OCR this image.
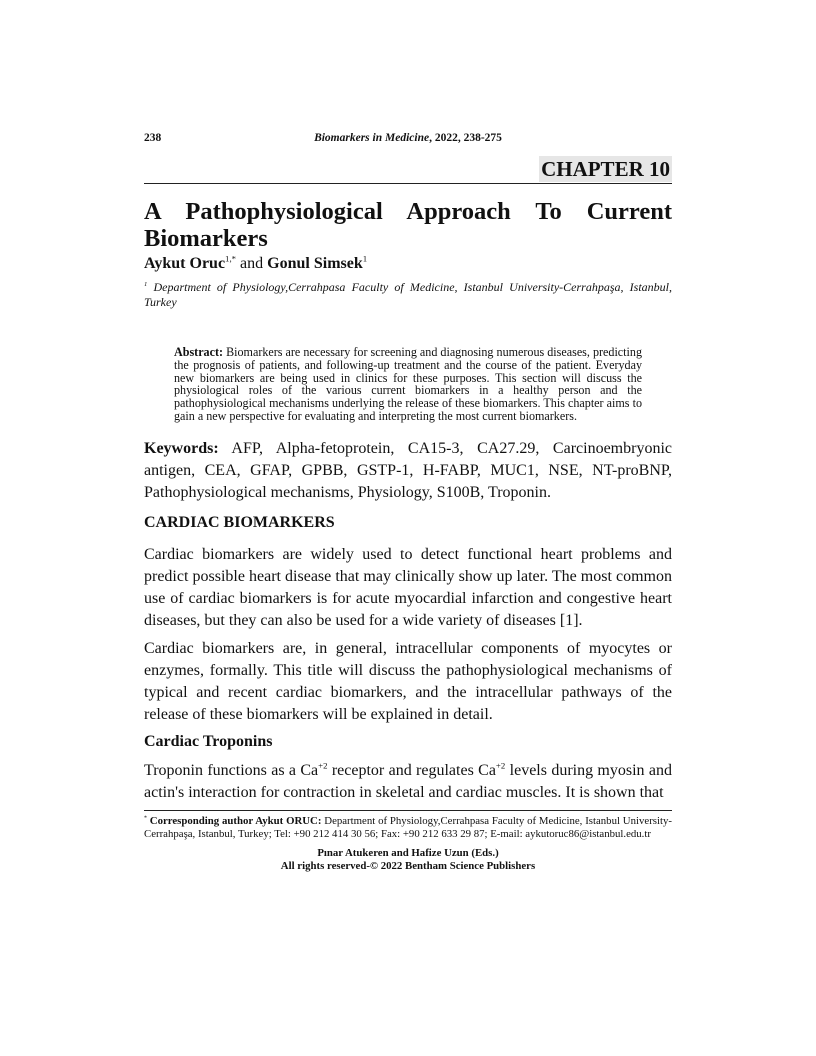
238	Biomarkers in Medicine, 2022, 238-275
CHAPTER 10
A Pathophysiological Approach To Current Biomarkers
Aykut Oruc$^{1,*}$ and Gonul Simsek$^1$
$^1$ Department of Physiology,Cerrahpasa Faculty of Medicine, Istanbul University-Cerrahpaşa, Istanbul, Turkey
Abstract: Biomarkers are necessary for screening and diagnosing numerous diseases, predicting the prognosis of patients, and following-up treatment and the course of the patient. Everyday new biomarkers are being used in clinics for these purposes. This section will discuss the physiological roles of the various current biomarkers in a healthy person and the pathophysiological mechanisms underlying the release of these biomarkers. This chapter aims to gain a new perspective for evaluating and interpreting the most current biomarkers.
Keywords: AFP, Alpha-fetoprotein, CA15-3, CA27.29, Carcinoembryonic antigen, CEA, GFAP, GPBB, GSTP-1, H-FABP, MUC1, NSE, NT-proBNP, Pathophysiological mechanisms, Physiology, S100B, Troponin.
CARDIAC BIOMARKERS
Cardiac biomarkers are widely used to detect functional heart problems and predict possible heart disease that may clinically show up later. The most common use of cardiac biomarkers is for acute myocardial infarction and congestive heart diseases, but they can also be used for a wide variety of diseases [1].
Cardiac biomarkers are, in general, intracellular components of myocytes or enzymes, formally. This title will discuss the pathophysiological mechanisms of typical and recent cardiac biomarkers, and the intracellular pathways of the release of these biomarkers will be explained in detail.
Cardiac Troponins
Troponin functions as a $Ca^{+2}$ receptor and regulates $Ca^{+2}$ levels during myosin and actin's interaction for contraction in skeletal and cardiac muscles. It is shown that
* Corresponding author Aykut ORUC: Department of Physiology,Cerrahpasa Faculty of Medicine, Istanbul University-Cerrahpaşa, Istanbul, Turkey; Tel: +90 212 414 30 56; Fax: +90 212 633 29 87; E-mail: aykutoruc86@istanbul.edu.tr
Pınar Atukeren and Hafize Uzun (Eds.)
All rights reserved-© 2022 Bentham Science Publishers
